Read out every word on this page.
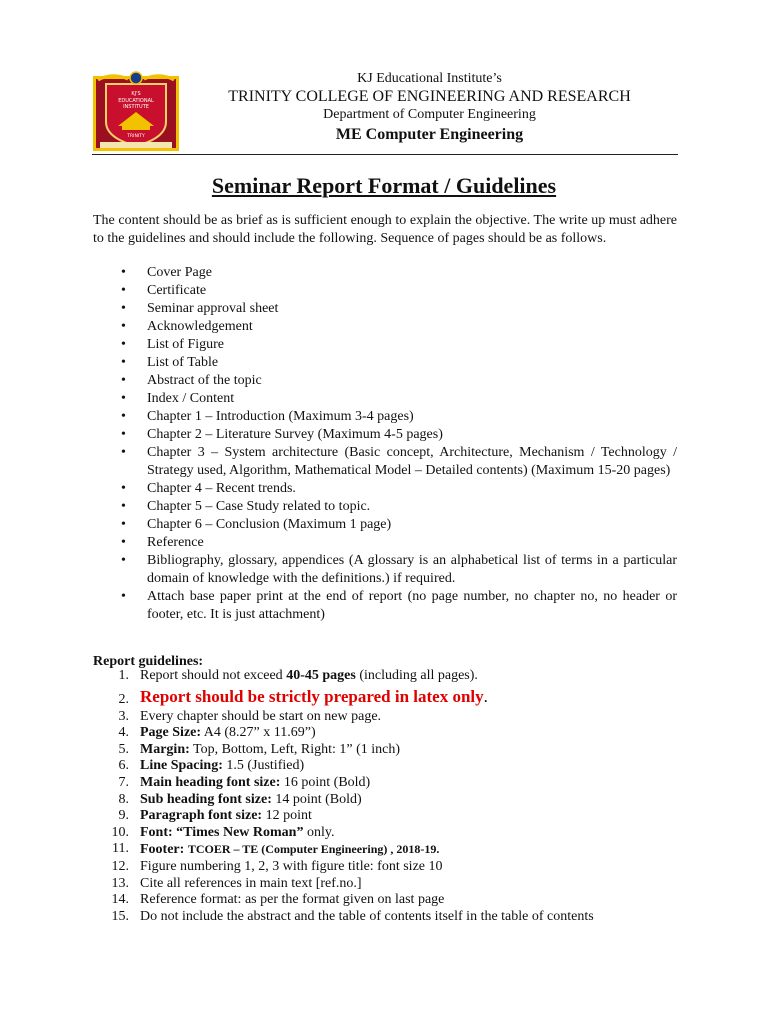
KJ'S
EDUCATIONAL
INSTITUTE
TRINITY
KJ Educational Institute’s
TRINITY COLLEGE OF ENGINEERING AND RESEARCH
Department of Computer Engineering
ME Computer Engineering
Seminar Report Format / Guidelines
The content should be as brief as is sufficient enough to explain the objective. The write up must adhere to the guidelines and should include the following. Sequence of pages should be as follows.
• Cover Page
• Certificate
• Seminar approval sheet
• Acknowledgement
• List of Figure
• List of Table
• Abstract of the topic
• Index / Content
• Chapter 1 – Introduction (Maximum 3-4 pages)
• Chapter 2 – Literature Survey (Maximum 4-5 pages)
• Chapter 3 – System architecture (Basic concept, Architecture, Mechanism / Technology / Strategy used, Algorithm, Mathematical Model – Detailed contents) (Maximum 15-20 pages)
• Chapter 4 – Recent trends.
• Chapter 5 – Case Study related to topic.
• Chapter 6 – Conclusion (Maximum 1 page)
• Reference
• Bibliography, glossary, appendices (A glossary is an alphabetical list of terms in a particular domain of knowledge with the definitions.) if required.
• Attach base paper print at the end of report (no page number, no chapter no, no header or footer, etc. It is just attachment)
Report guidelines:
1. Report should not exceed 40-45 pages (including all pages).
2. Report should be strictly prepared in latex only.
3. Every chapter should be start on new page.
4. Page Size: A4 (8.27” x 11.69”)
5. Margin: Top, Bottom, Left, Right: 1” (1 inch)
6. Line Spacing: 1.5 (Justified)
7. Main heading font size: 16 point (Bold)
8. Sub heading font size: 14 point (Bold)
9. Paragraph font size: 12 point
10. Font: “Times New Roman” only.
11. Footer: TCOER – TE (Computer Engineering) , 2018-19.
12. Figure numbering 1, 2, 3 with figure title: font size 10
13. Cite all references in main text [ref.no.]
14. Reference format: as per the format given on last page
15. Do not include the abstract and the table of contents itself in the table of contents
